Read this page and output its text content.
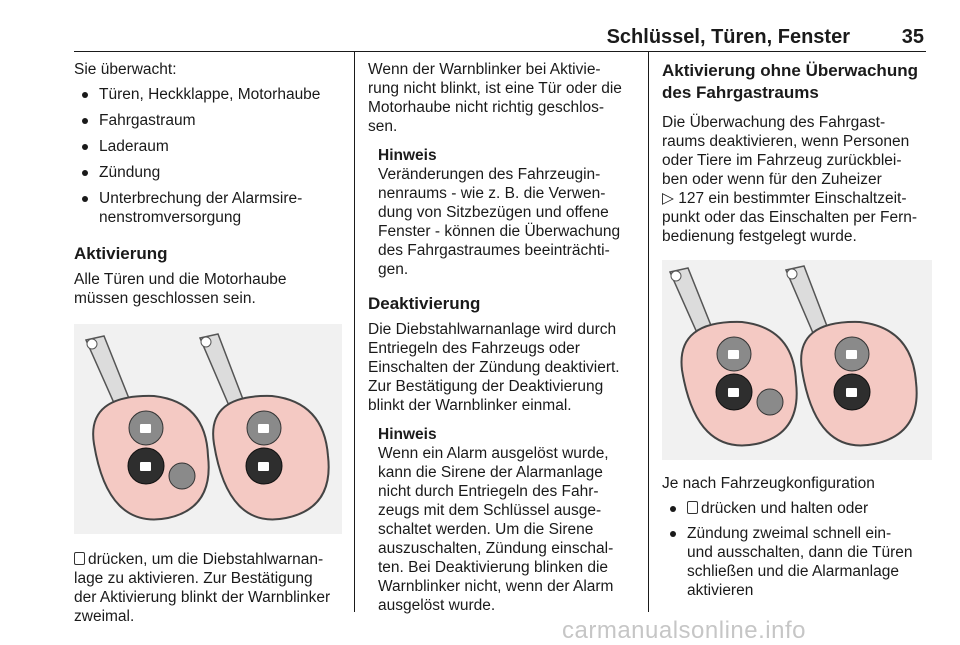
Schlüssel, Türen, Fenster	35

Sie überwacht:

Türen, Heckklappe, Motorhaube
Fahrgastraum
Laderaum
Zündung
Unterbrechung der Alarmsire-
nenstromversorgung

Aktivierung

Alle Türen und die Motorhaube
müssen geschlossen sein.

drücken, um die Diebstahlwarnan-
lage zu aktivieren. Zur Bestätigung
der Aktivierung blinkt der Warnblinker
zweimal.

Wenn der Warnblinker bei Aktivie-
rung nicht blinkt, ist eine Tür oder die
Motorhaube nicht richtig geschlos-
sen.

Hinweis

Veränderungen des Fahrzeugin-
nenraums - wie z. B. die Verwen-
dung von Sitzbezügen und offene
Fenster - können die Überwachung
des Fahrgastraumes beeinträchti-
gen.

Deaktivierung

Die Diebstahlwarnanlage wird durch
Entriegeln des Fahrzeugs oder
Einschalten der Zündung deaktiviert.
Zur Bestätigung der Deaktivierung
blinkt der Warnblinker einmal.

Hinweis

Wenn ein Alarm ausgelöst wurde,
kann die Sirene der Alarmanlage
nicht durch Entriegeln des Fahr-
zeugs mit dem Schlüssel ausge-
schaltet werden. Um die Sirene
auszuschalten, Zündung einschal-
ten. Bei Deaktivierung blinken die
Warnblinker nicht, wenn der Alarm
ausgelöst wurde.

Aktivierung ohne Überwachung
des Fahrgastraums

Die Überwachung des Fahrgast-
raums deaktivieren, wenn Personen
oder Tiere im Fahrzeug zurückblei-
ben oder wenn für den Zuheizer
▷ 127 ein bestimmter Einschaltzeit-
punkt oder das Einschalten per Fern-
bedienung festgelegt wurde.

Je nach Fahrzeugkonfiguration

drücken und halten oder
Zündung zweimal schnell ein-
und ausschalten, dann die Türen
schließen und die Alarmanlage
aktivieren
carmanualsonline.info
